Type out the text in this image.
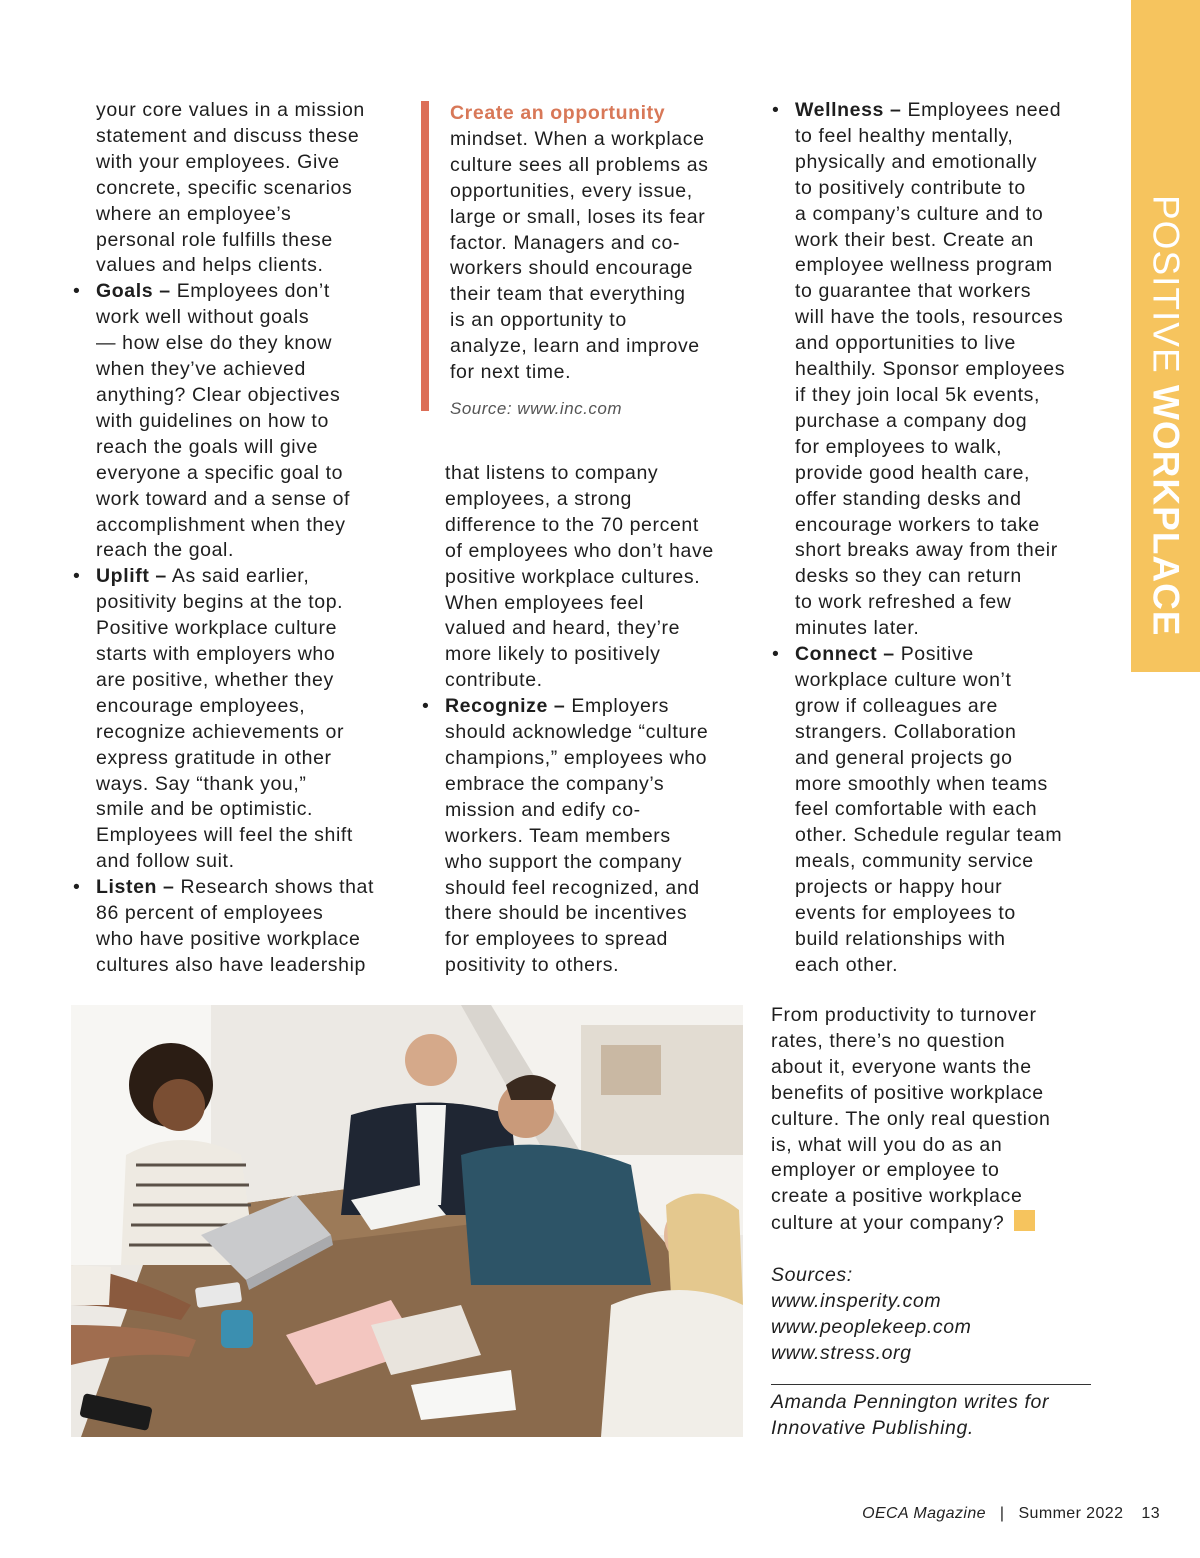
POSITIVE WORKPLACE
your core values in a mission
statement and discuss these
with your employees. Give
concrete, specific scenarios
where an employee’s
personal role fulfills these
values and helps clients.
• Goals – Employees don’t
work well without goals
— how else do they know
when they’ve achieved
anything? Clear objectives
with guidelines on how to
reach the goals will give
everyone a specific goal to
work toward and a sense of
accomplishment when they
reach the goal.
• Uplift – As said earlier,
positivity begins at the top.
Positive workplace culture
starts with employers who
are positive, whether they
encourage employees,
recognize achievements or
express gratitude in other
ways. Say “thank you,”
smile and be optimistic.
Employees will feel the shift
and follow suit.
• Listen – Research shows that
86 percent of employees
who have positive workplace
cultures also have leadership
Create an opportunity
mindset. When a workplace
culture sees all problems as
opportunities, every issue,
large or small, loses its fear
factor. Managers and co-
workers should encourage
their team that everything
is an opportunity to
analyze, learn and improve
for next time.
Source: www.inc.com
that listens to company
employees, a strong
difference to the 70 percent
of employees who don’t have
positive workplace cultures.
When employees feel
valued and heard, they’re
more likely to positively
contribute.
• Recognize – Employers
should acknowledge “culture
champions,” employees who
embrace the company’s
mission and edify co-
workers. Team members
who support the company
should feel recognized, and
there should be incentives
for employees to spread
positivity to others.
• Wellness – Employees need
to feel healthy mentally,
physically and emotionally
to positively contribute to
a company’s culture and to
work their best. Create an
employee wellness program
to guarantee that workers
will have the tools, resources
and opportunities to live
healthily. Sponsor employees
if they join local 5k events,
purchase a company dog
for employees to walk,
provide good health care,
offer standing desks and
encourage workers to take
short breaks away from their
desks so they can return
to work refreshed a few
minutes later.
• Connect – Positive
workplace culture won’t
grow if colleagues are
strangers. Collaboration
and general projects go
more smoothly when teams
feel comfortable with each
other. Schedule regular team
meals, community service
projects or happy hour
events for employees to
build relationships with
each other.
From productivity to turnover
rates, there’s no question
about it, everyone wants the
benefits of positive workplace
culture. The only real question
is, what will you do as an
employer or employee to
create a positive workplace
culture at your company?
Sources:
www.insperity.com
www.peoplekeep.com
www.stress.org
Amanda Pennington writes for
Innovative Publishing.
OECA Magazine | Summer 2022 13
